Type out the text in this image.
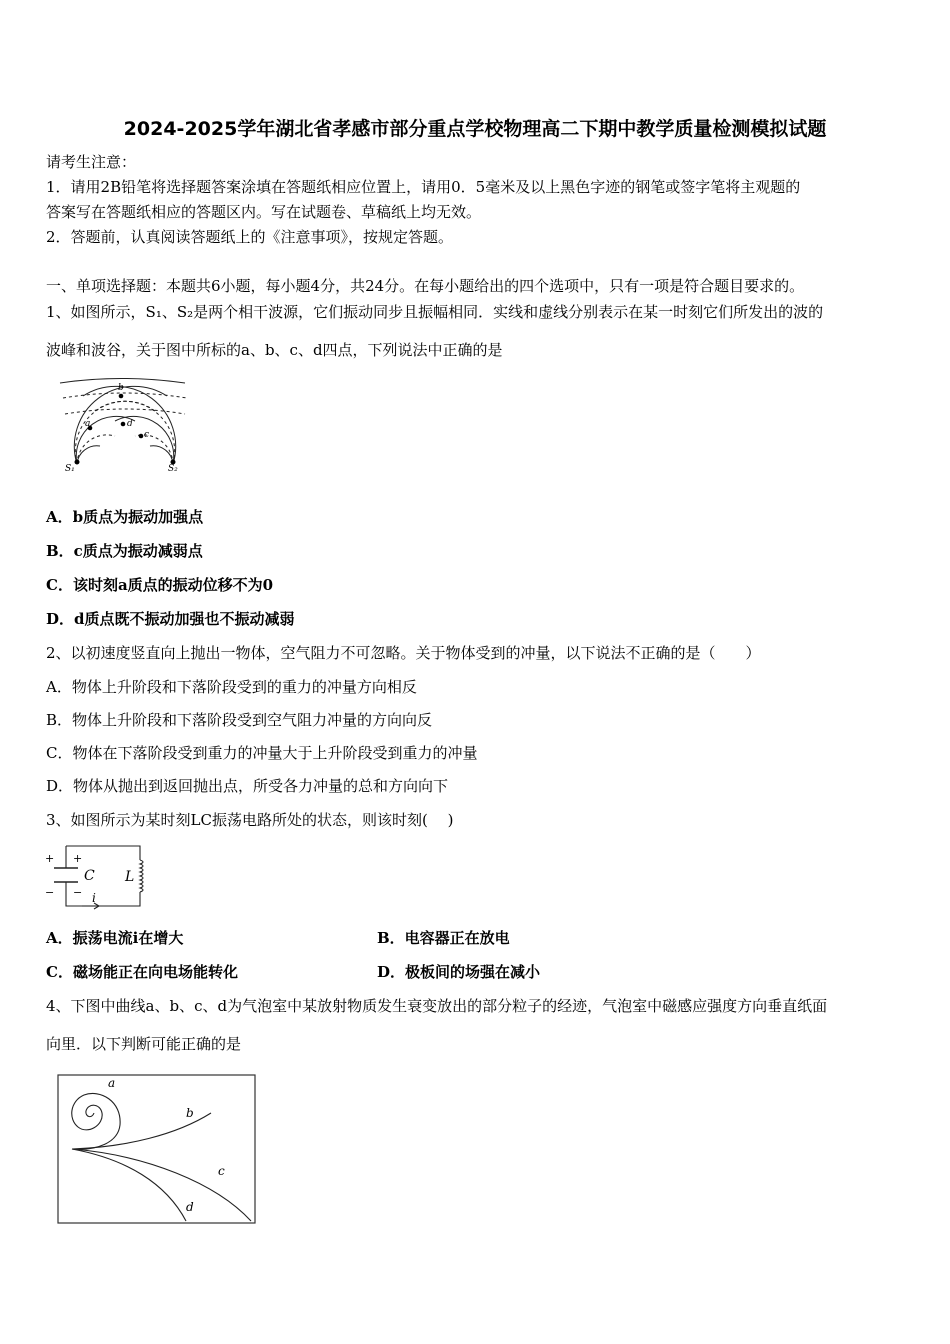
2024-2025学年湖北省孝感市部分重点学校物理高二下期中教学质量检测模拟试题
请考生注意：
1．请用2B铅笔将选择题答案涂填在答题纸相应位置上，请用0．5毫米及以上黑色字迹的钢笔或签字笔将主观题的
答案写在答题纸相应的答题区内。写在试题卷、草稿纸上均无效。
2．答题前，认真阅读答题纸上的《注意事项》，按规定答题。
一、单项选择题：本题共6小题，每小题4分，共24分。在每小题给出的四个选项中，只有一项是符合题目要求的。
1、如图所示，S₁、S₂是两个相干波源，它们振动同步且振幅相同．实线和虚线分别表示在某一时刻它们所发出的波的
波峰和波谷，关于图中所标的a、b、c、d四点，下列说法中正确的是
b
a	d
c
S₁	S₂
A．b质点为振动加强点
B．c质点为振动减弱点
C．该时刻a质点的振动位移不为0
D．d质点既不振动加强也不振动减弱
2、以初速度竖直向上抛出一物体，空气阻力不可忽略。关于物体受到的冲量，以下说法不正确的是（　　）
A．物体上升阶段和下落阶段受到的重力的冲量方向相反
B．物体上升阶段和下落阶段受到空气阻力冲量的方向向反
C．物体在下落阶段受到重力的冲量大于上升阶段受到重力的冲量
D．物体从抛出到返回抛出点，所受各力冲量的总和方向向下
3、如图所示为某时刻LC振荡电路所处的状态，则该时刻(　 )
+ +
− −
C L
i
A．振荡电流i在增大	B．电容器正在放电
C．磁场能正在向电场能转化	D．极板间的场强在减小
4、下图中曲线a、b、c、d为气泡室中某放射物质发生衰变放出的部分粒子的经迹，气泡室中磁感应强度方向垂直纸面
向里．以下判断可能正确的是
a
b
c
d
